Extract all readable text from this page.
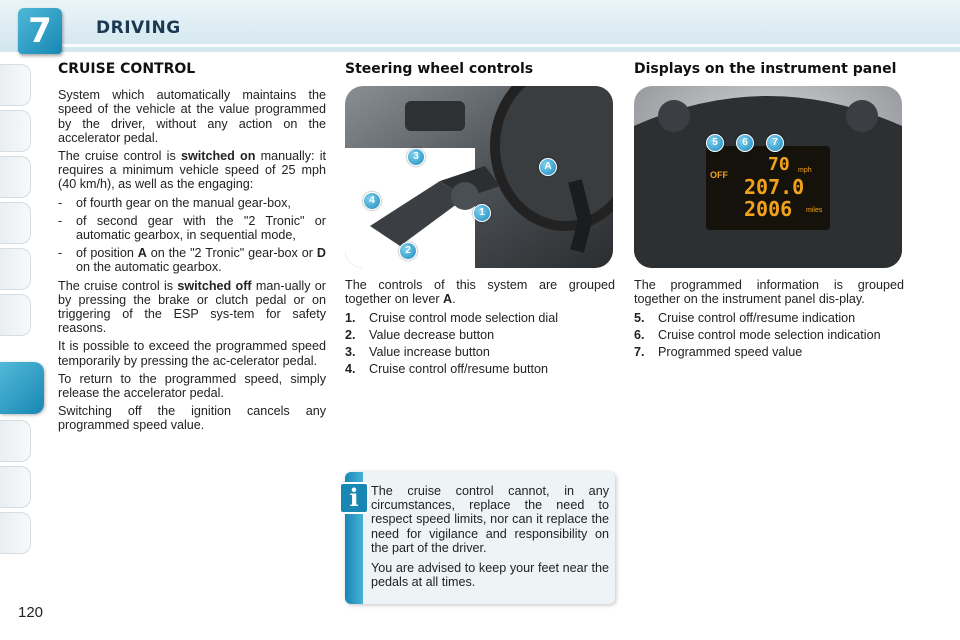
7	DRIVING
CRUISE CONTROL

System which automatically maintains the speed of the vehicle at the value programmed by the driver, without any action on the accelerator pedal.

The cruise control is switched on manually: it requires a minimum vehicle speed of 25 mph (40 km/h), as well as the engaging:

-	of fourth gear on the manual gear-box,
-	of second gear with the "2 Tronic" or automatic gearbox, in sequential mode,
-	of position A on the "2 Tronic" gear-box or D on the automatic gearbox.

The cruise control is switched off man-ually or by pressing the brake or clutch pedal or on triggering of the ESP sys-tem for safety reasons.

It is possible to exceed the programmed speed temporarily by pressing the ac-celerator pedal.

To return to the programmed speed, simply release the accelerator pedal.

Switching off the ignition cancels any programmed speed value.

Steering wheel controls
3
4
1
2
A

The controls of this system are grouped together on lever A.

1.	Cruise control mode selection dial
2.	Value decrease button
3.	Value increase button
4.	Cruise control off/resume button
Displays on the instrument panel
5	6	7
OFF 70 mph
207.0
2006 miles

The programmed information is grouped together on the instrument panel dis-play.

5.	Cruise control off/resume indication
6.	Cruise control mode selection indication
7.	Programmed speed value
i The cruise control cannot, in any circumstances, replace the need to respect speed limits, nor can it replace the need for vigilance and responsibility on the part of the driver.

You are advised to keep your feet near the pedals at all times.

120
